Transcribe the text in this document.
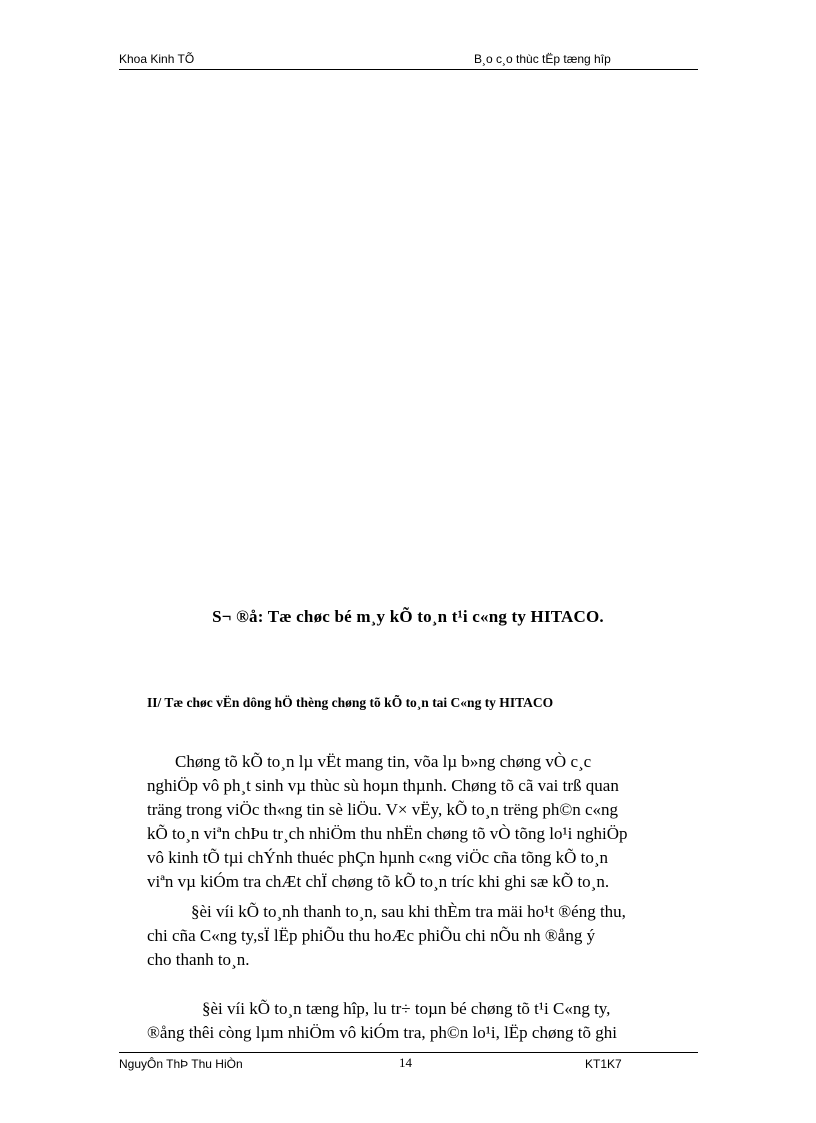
Khoa Kinh TÕ	B¸o c¸o thùc tËp tæng hîp
S¬ ®å: Tæ chøc bé m¸y kÕ to¸n t¹i c«ng ty HITACO.
II/ Tæ chøc vËn dông hÖ thèng chøng tõ kÕ to¸n tai C«ng ty HITACO
Chøng tõ kÕ to¸n lµ vËt mang tin, võa lµ b»ng chøng vÒ c¸c
nghiÖp vô ph¸t sinh vµ thùc sù hoµn thµnh. Chøng tõ cã vai trß quan
träng trong viÖc th«ng tin sè liÖu. V× vËy, kÕ to¸n trëng ph©n c«ng
kÕ to¸n viªn chÞu tr¸ch nhiÖm thu nhËn chøng tõ vÒ tõng lo¹i nghiÖp
vô kinh tÕ tµi chÝnh thuéc phÇn hµnh c«ng viÖc cña tõng kÕ to¸n
viªn vµ kiÓm tra chÆt chÏ chøng tõ kÕ to¸n tríc khi ghi sæ kÕ to¸n.
§èi víi kÕ to¸nh thanh to¸n, sau khi thÈm tra mäi ho¹t ®éng thu,
chi cña C«ng ty,sÏ lËp phiÕu thu hoÆc phiÕu chi nÕu nh ®ång ý
cho thanh to¸n.
§èi víi kÕ to¸n tæng hîp, lu tr÷ toµn bé chøng tõ t¹i C«ng ty,
®ång thêi còng lµm nhiÖm vô kiÓm tra, ph©n lo¹i, lËp chøng tõ ghi
NguyÔn ThÞ Thu HiÒn	14	KT1K7
